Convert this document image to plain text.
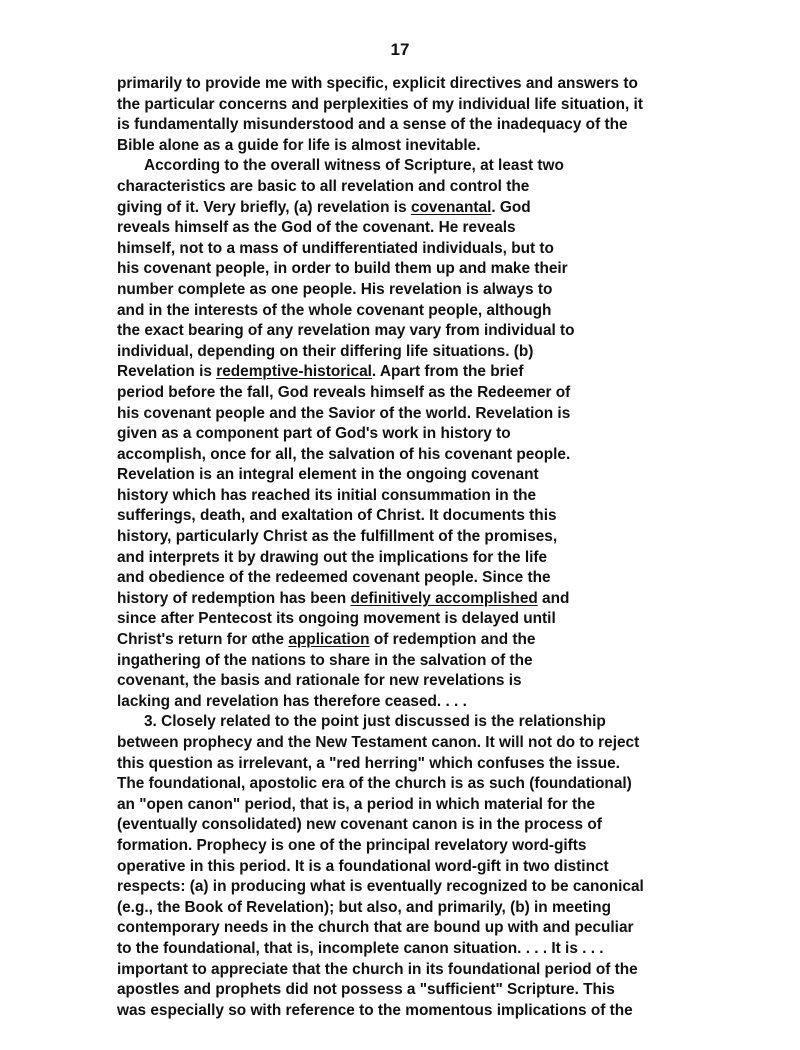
17
primarily to provide me with specific, explicit directives and answers to
the particular concerns and perplexities of my individual life situation, it
is fundamentally misunderstood and a sense of the inadequacy of the
Bible alone as a guide for life is almost inevitable.
According to the overall witness of Scripture, at least two
characteristics are basic to all revelation and control the
giving of it. Very briefly, (a) revelation is covenantal. God
reveals himself as the God of the covenant. He reveals
himself, not to a mass of undifferentiated individuals, but to
his covenant people, in order to build them up and make their
number complete as one people. His revelation is always to
and in the interests of the whole covenant people, although
the exact bearing of any revelation may vary from individual to
individual, depending on their differing life situations. (b)
Revelation is redemptive-historical. Apart from the brief
period before the fall, God reveals himself as the Redeemer of
his covenant people and the Savior of the world. Revelation is
given as a component part of God's work in history to
accomplish, once for all, the salvation of his covenant people.
Revelation is an integral element in the ongoing covenant
history which has reached its initial consummation in the
sufferings, death, and exaltation of Christ. It documents this
history, particularly Christ as the fulfillment of the promises,
and interprets it by drawing out the implications for the life
and obedience of the redeemed covenant people. Since the
history of redemption has been definitively accomplished and
since after Pentecost its ongoing movement is delayed until
Christ's return for αthe application of redemption and the
ingathering of the nations to share in the salvation of the
covenant, the basis and rationale for new revelations is
lacking and revelation has therefore ceased. . . .
3. Closely related to the point just discussed is the relationship
between prophecy and the New Testament canon. It will not do to reject
this question as irrelevant, a "red herring" which confuses the issue.
The foundational, apostolic era of the church is as such (foundational)
an "open canon" period, that is, a period in which material for the
(eventually consolidated) new covenant canon is in the process of
formation. Prophecy is one of the principal revelatory word-gifts
operative in this period. It is a foundational word-gift in two distinct
respects: (a) in producing what is eventually recognized to be canonical
(e.g., the Book of Revelation); but also, and primarily, (b) in meeting
contemporary needs in the church that are bound up with and peculiar
to the foundational, that is, incomplete canon situation. . . . It is . . .
important to appreciate that the church in its foundational period of the
apostles and prophets did not possess a "sufficient" Scripture. This
was especially so with reference to the momentous implications of the
